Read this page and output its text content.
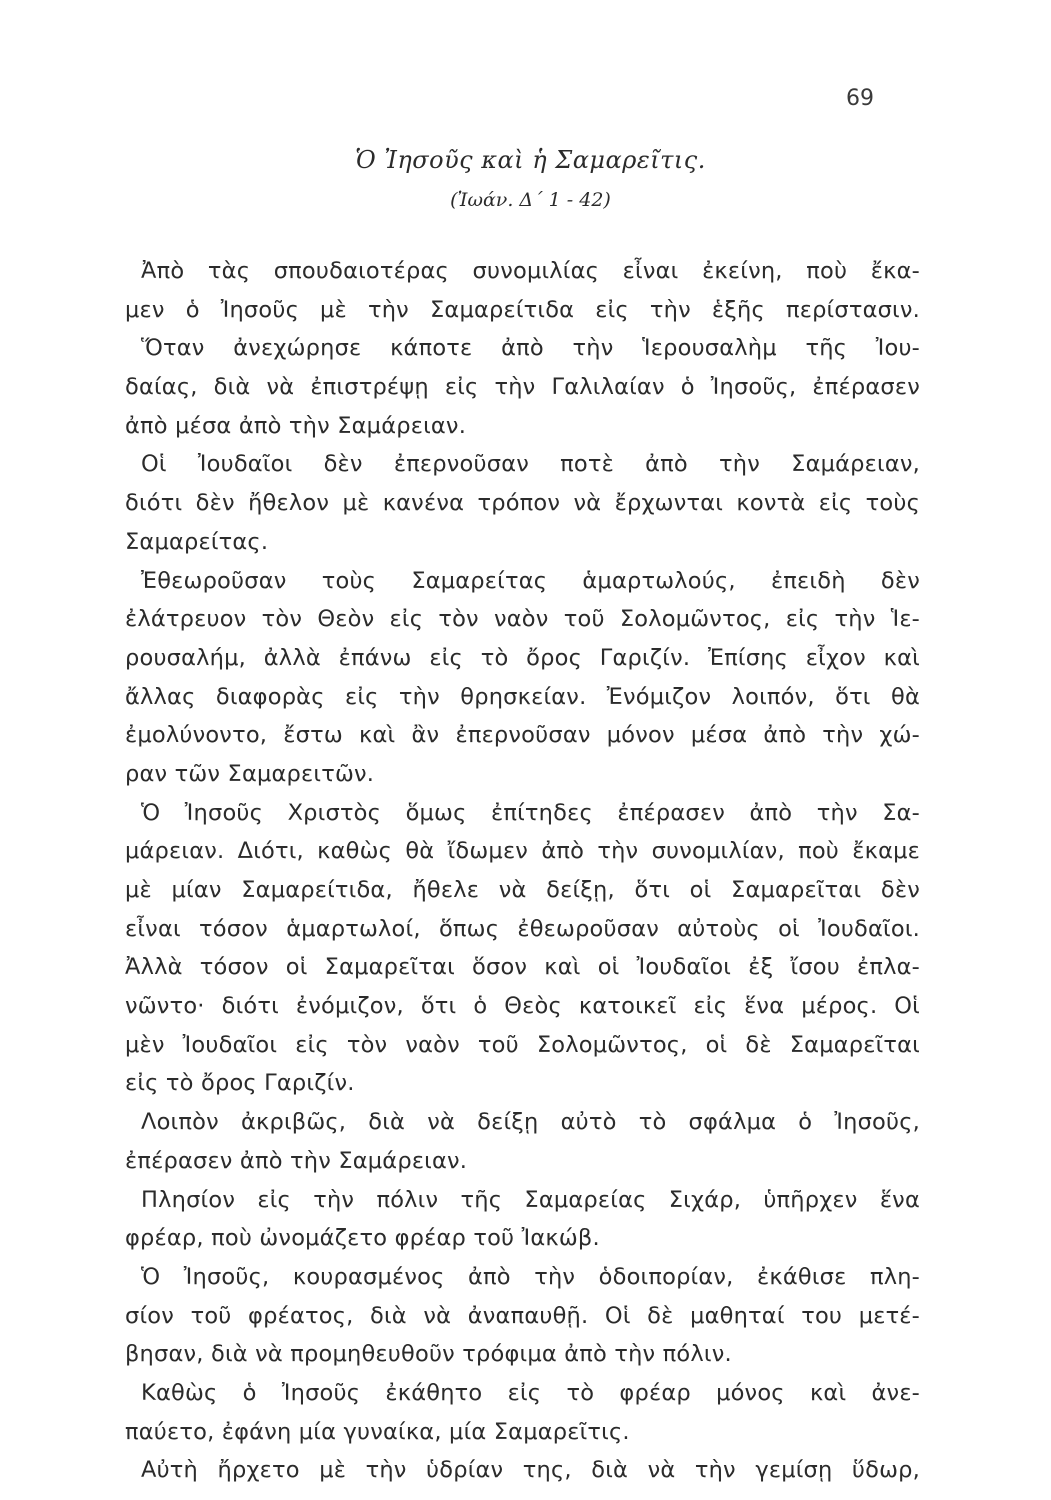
69
Ὁ Ἰησοῦς καὶ ἡ Σαμαρεῖτις.
(Ἰωάν. Δ΄ 1 - 42)
Ἀπὸ τὰς σπουδαιοτέρας συνομιλίας εἶναι ἐκείνη, ποὺ ἔκα-
μεν ὁ Ἰησοῦς μὲ τὴν Σαμαρείτιδα εἰς τὴν ἑξῆς περίστασιν.
Ὅταν ἀνεχώρησε κάποτε ἀπὸ τὴν Ἱερουσαλὴμ τῆς Ἰου-
δαίας, διὰ νὰ ἐπιστρέψῃ εἰς τὴν Γαλιλαίαν ὁ Ἰησοῦς, ἐπέρασεν
ἀπὸ μέσα ἀπὸ τὴν Σαμάρειαν.
Οἱ Ἰουδαῖοι δὲν ἐπερνοῦσαν ποτὲ ἀπὸ τὴν Σαμάρειαν,
διότι δὲν ἤθελον μὲ κανένα τρόπον νὰ ἔρχωνται κοντὰ εἰς τοὺς
Σαμαρείτας.
Ἐθεωροῦσαν τοὺς Σαμαρείτας ἁμαρτωλούς, ἐπειδὴ δὲν
ἐλάτρευον τὸν Θεὸν εἰς τὸν ναὸν τοῦ Σολομῶντος, εἰς τὴν Ἱε-
ρουσαλήμ, ἀλλὰ ἐπάνω εἰς τὸ ὄρος Γαριζίν. Ἐπίσης εἶχον καὶ
ἄλλας διαφορὰς εἰς τὴν θρησκείαν. Ἐνόμιζον λοιπόν, ὅτι θὰ
ἐμολύνοντο, ἔστω καὶ ἂν ἐπερνοῦσαν μόνον μέσα ἀπὸ τὴν χώ-
ραν τῶν Σαμαρειτῶν.
Ὁ Ἰησοῦς Χριστὸς ὅμως ἐπίτηδες ἐπέρασεν ἀπὸ τὴν Σα-
μάρειαν. Διότι, καθὼς θὰ ἴδωμεν ἀπὸ τὴν συνομιλίαν, ποὺ ἔκαμε
μὲ μίαν Σαμαρείτιδα, ἤθελε νὰ δείξῃ, ὅτι οἱ Σαμαρεῖται δὲν
εἶναι τόσον ἁμαρτωλοί, ὅπως ἐθεωροῦσαν αὐτοὺς οἱ Ἰουδαῖοι.
Ἀλλὰ τόσον οἱ Σαμαρεῖται ὅσον καὶ οἱ Ἰουδαῖοι ἐξ ἴσου ἐπλα-
νῶντο· διότι ἐνόμιζον, ὅτι ὁ Θεὸς κατοικεῖ εἰς ἕνα μέρος. Οἱ
μὲν Ἰουδαῖοι εἰς τὸν ναὸν τοῦ Σολομῶντος, οἱ δὲ Σαμαρεῖται
εἰς τὸ ὄρος Γαριζίν.
Λοιπὸν ἀκριβῶς, διὰ νὰ δείξῃ αὐτὸ τὸ σφάλμα ὁ Ἰησοῦς,
ἐπέρασεν ἀπὸ τὴν Σαμάρειαν.
Πλησίον εἰς τὴν πόλιν τῆς Σαμαρείας Σιχάρ, ὑπῆρχεν ἕνα
φρέαρ, ποὺ ὠνομάζετο φρέαρ τοῦ Ἰακώβ.
Ὁ Ἰησοῦς, κουρασμένος ἀπὸ τὴν ὁδοιπορίαν, ἐκάθισε πλη-
σίον τοῦ φρέατος, διὰ νὰ ἀναπαυθῇ. Οἱ δὲ μαθηταί του μετέ-
βησαν, διὰ νὰ προμηθευθοῦν τρόφιμα ἀπὸ τὴν πόλιν.
Καθὼς ὁ Ἰησοῦς ἐκάθητο εἰς τὸ φρέαρ μόνος καὶ ἀνε-
παύετο, ἐφάνη μία γυναίκα, μία Σαμαρεῖτις.
Αὐτὴ ἤρχετο μὲ τὴν ὑδρίαν της, διὰ νὰ τὴν γεμίσῃ ὕδωρ,
